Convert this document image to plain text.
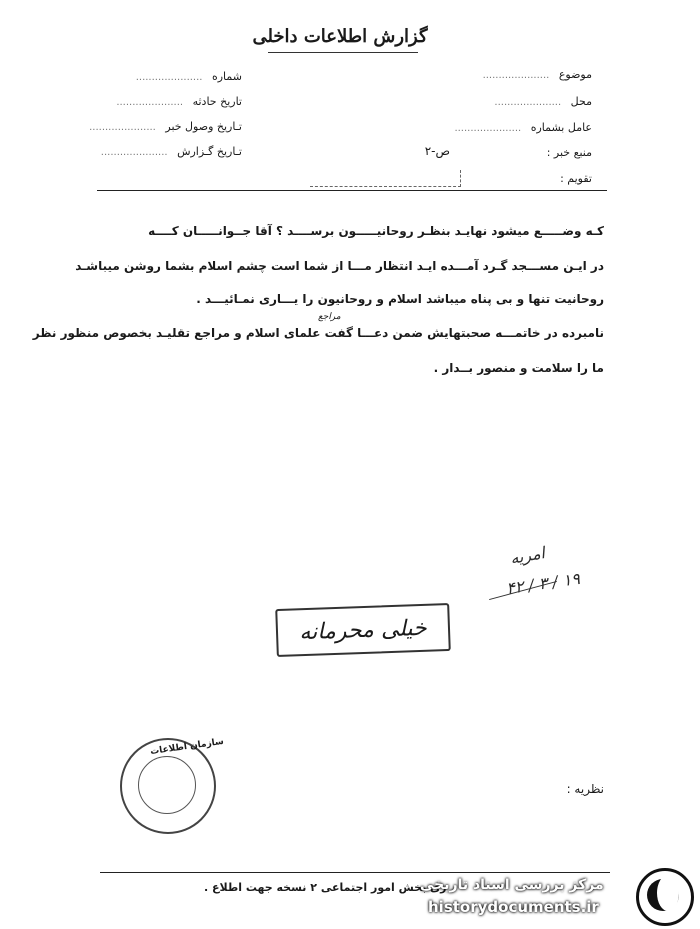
گزارش اطلاعات داخلی
موضوع .....................
محل .....................
عامل بشماره .....................
منبع خبر :
ص-٢
تقویم :
شماره .....................
تاریخ حادثه .....................
تـاریخ وصول خبر .....................
تـاریخ گـزارش .....................
کـه وضـــــع میشود نهایـد بنظـر روحانیـــــون برســــد ؟ آقا جــوانـــــان کــــه
در ایـن مســـجد گـرد آمـــده ایـد انتظار مـــا از شما است چشم اسلام بشما روشن میباشـد
روحانیت تنها و بی پناه میباشد اسلام و روحانیون را یـــاری نمـائیـــد .
مراجع
نامبرده در خاتمـــه صحبتهایش ضمن دعـــا گفت علمای اسلام و مراجع تقلیـد بخصوص منظور نظر
ما را سلامت و منصور بــدار .
امریه
۱۹ / ۳ / ۴۲
خیلی محرمانه
سازمان اطلاعات
نظریه :
ری بخش امور اجتماعی ۲ نسخه جهت اطلاع .
مرکز بررسی اسناد تاریخی
historydocuments.ir
